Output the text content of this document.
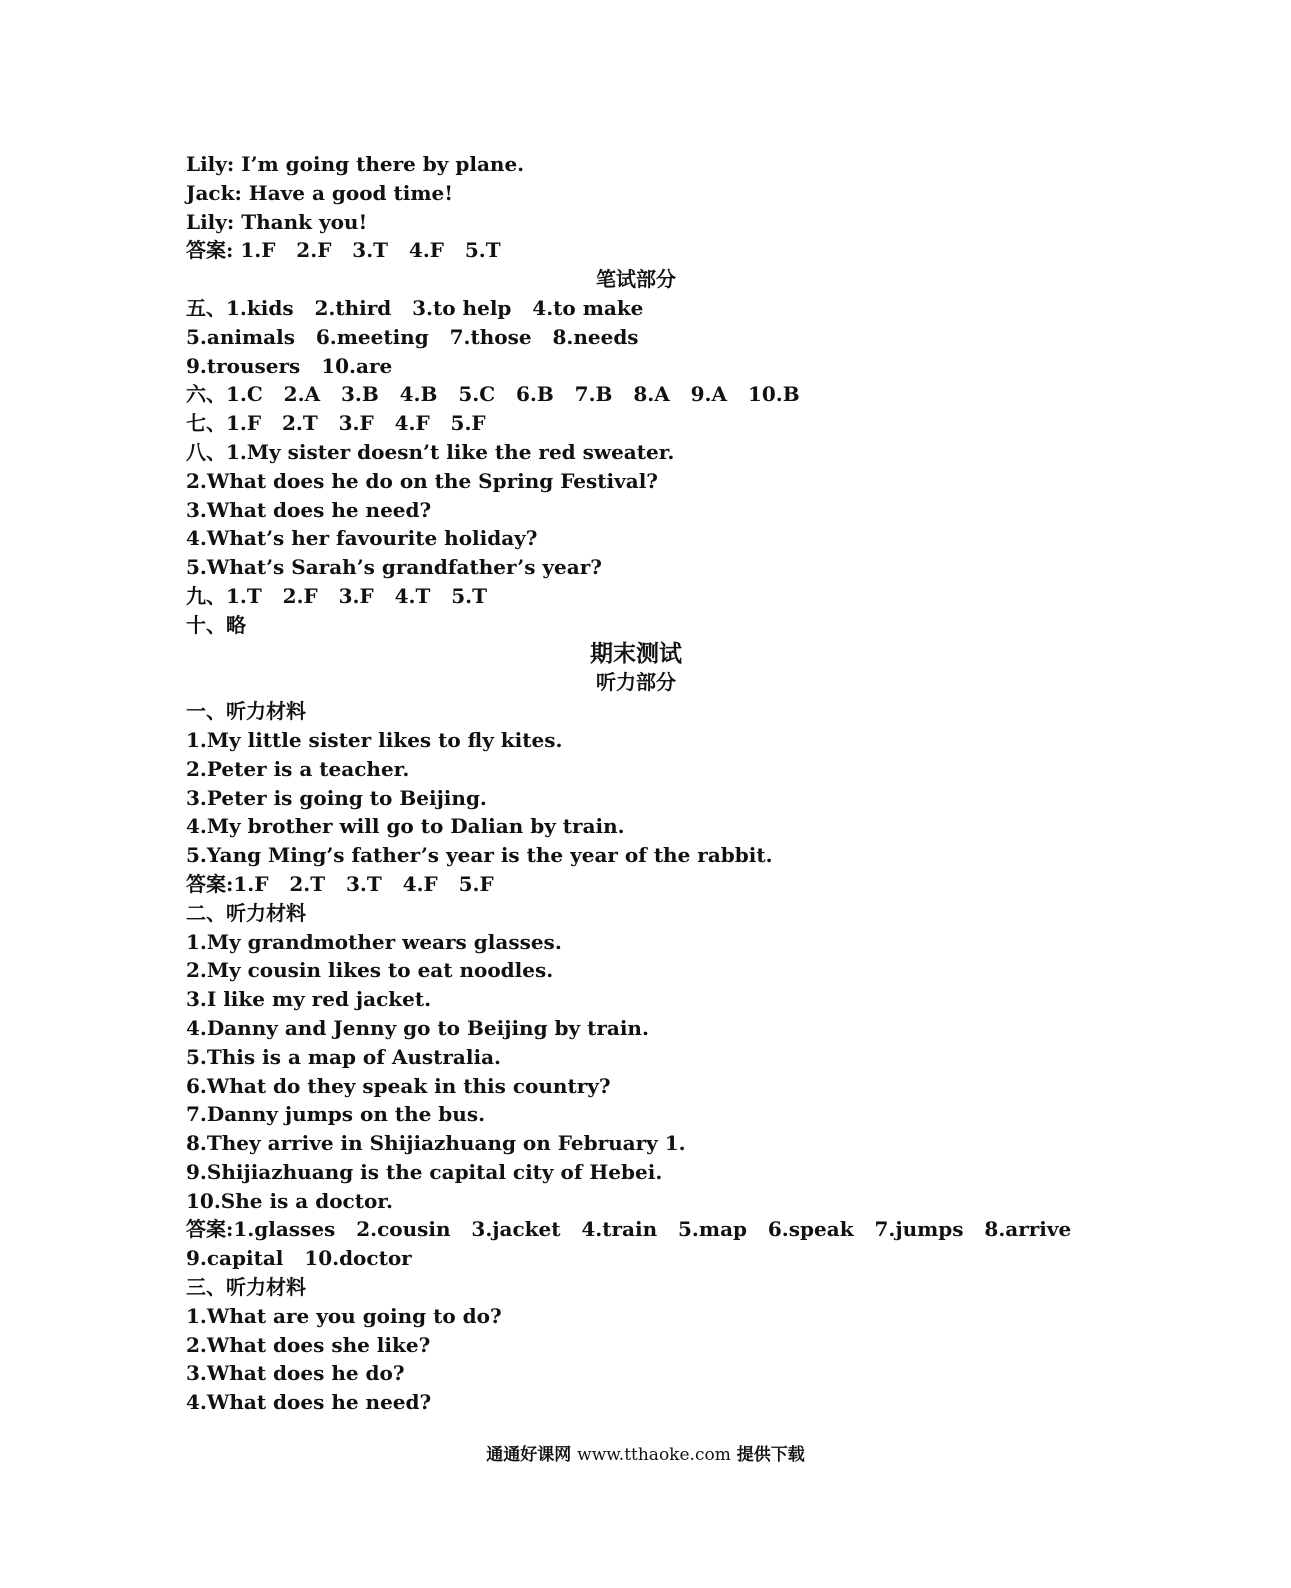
Lily: I’m going there by plane.
Jack: Have a good time!
Lily: Thank you!
答案: 1.F   2.F   3.T   4.F   5.T
笔试部分
五、1.kids   2.third   3.to help   4.to make
5.animals   6.meeting   7.those   8.needs
9.trousers   10.are
六、1.C   2.A   3.B   4.B   5.C   6.B   7.B   8.A   9.A   10.B
七、1.F   2.T   3.F   4.F   5.F
八、1.My sister doesn’t like the red sweater.
2.What does he do on the Spring Festival?
3.What does he need?
4.What’s her favourite holiday?
5.What’s Sarah’s grandfather’s year?
九、1.T   2.F   3.F   4.T   5.T
十、略
期末测试
听力部分
一、听力材料
1.My little sister likes to fly kites.
2.Peter is a teacher.
3.Peter is going to Beijing.
4.My brother will go to Dalian by train.
5.Yang Ming’s father’s year is the year of the rabbit.
答案:1.F   2.T   3.T   4.F   5.F
二、听力材料
1.My grandmother wears glasses.
2.My cousin likes to eat noodles.
3.I like my red jacket.
4.Danny and Jenny go to Beijing by train.
5.This is a map of Australia.
6.What do they speak in this country?
7.Danny jumps on the bus.
8.They arrive in Shijiazhuang on February 1.
9.Shijiazhuang is the capital city of Hebei.
10.She is a doctor.
答案:1.glasses   2.cousin   3.jacket   4.train   5.map   6.speak   7.jumps   8.arrive
9.capital   10.doctor
三、听力材料
1.What are you going to do?
2.What does she like?
3.What does he do?
4.What does he need?
通通好课网 www.tthaoke.com 提供下载
